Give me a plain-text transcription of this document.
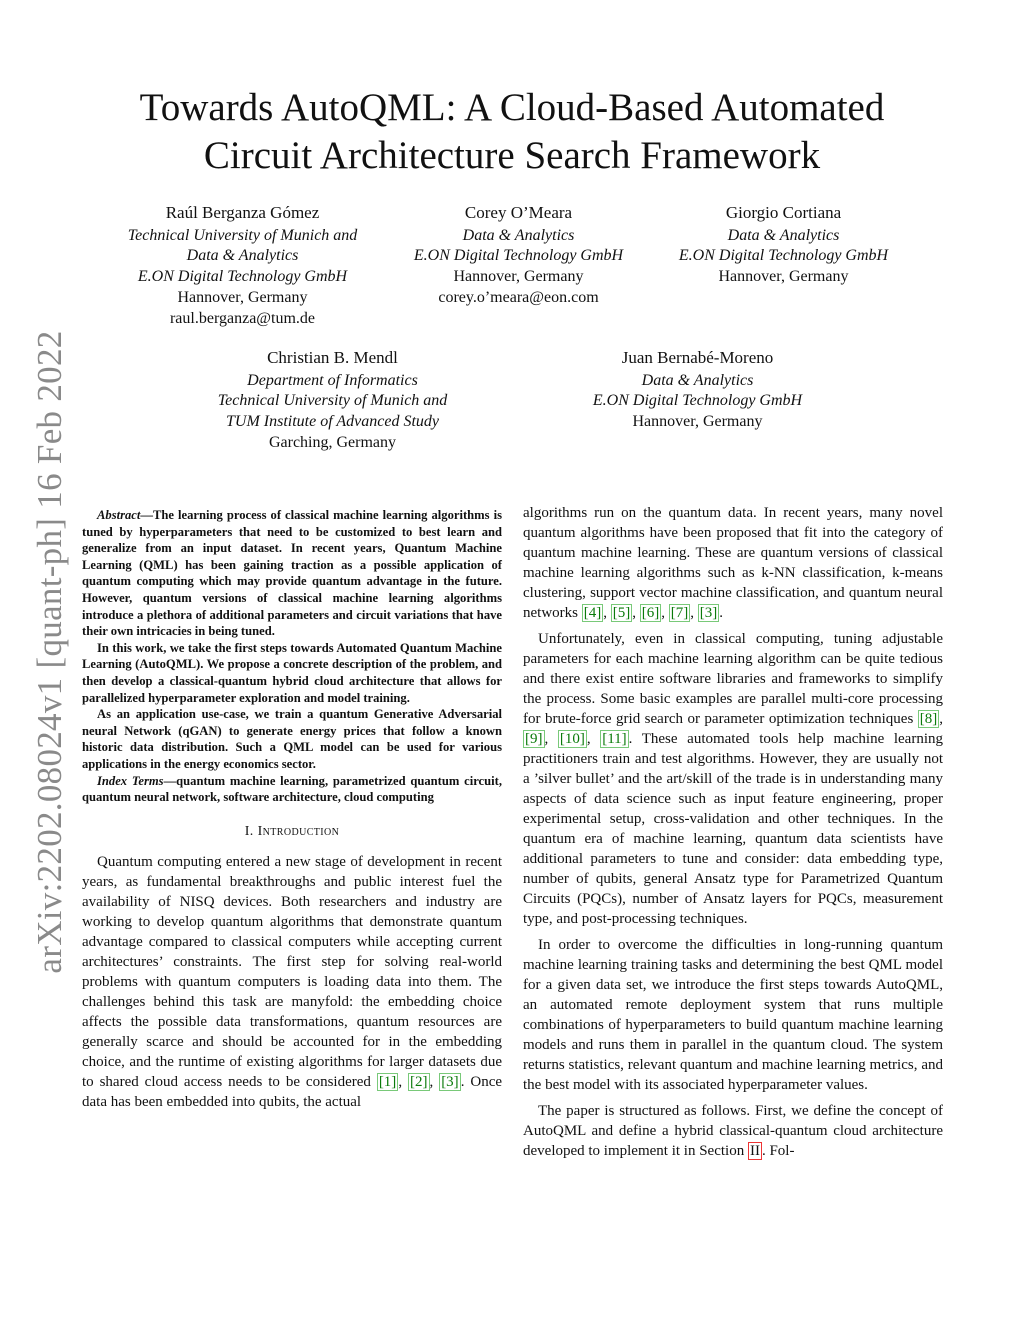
arXiv:2202.08024v1 [quant-ph] 16 Feb 2022
Towards AutoQML: A Cloud-Based Automated
Circuit Architecture Search Framework
Raúl Berganza Gómez
Technical University of Munich and
Data & Analytics
E.ON Digital Technology GmbH
Hannover, Germany
raul.berganza@tum.de
Corey O’Meara
Data & Analytics
E.ON Digital Technology GmbH
Hannover, Germany
corey.o’meara@eon.com
Giorgio Cortiana
Data & Analytics
E.ON Digital Technology GmbH
Hannover, Germany
Christian B. Mendl
Department of Informatics
Technical University of Munich and
TUM Institute of Advanced Study
Garching, Germany
Juan Bernabé-Moreno
Data & Analytics
E.ON Digital Technology GmbH
Hannover, Germany

Abstract—The learning process of classical machine learning algorithms is tuned by hyperparameters that need to be customized to best learn and generalize from an input dataset. In recent years, Quantum Machine Learning (QML) has been gaining traction as a possible application of quantum computing which may provide quantum advantage in the future. However, quantum versions of classical machine learning algorithms introduce a plethora of additional parameters and circuit variations that have their own intricacies in being tuned.

In this work, we take the first steps towards Automated Quantum Machine Learning (AutoQML). We propose a concrete description of the problem, and then develop a classical-quantum hybrid cloud architecture that allows for parallelized hyperparameter exploration and model training.

As an application use-case, we train a quantum Generative Adversarial neural Network (qGAN) to generate energy prices that follow a known historic data distribution. Such a QML model can be used for various applications in the energy economics sector.

Index Terms—quantum machine learning, parametrized quantum circuit, quantum neural network, software architecture, cloud computing

I. Introduction

Quantum computing entered a new stage of development in recent years, as fundamental breakthroughs and public interest fuel the availability of NISQ devices. Both researchers and industry are working to develop quantum algorithms that demonstrate quantum advantage compared to classical computers while accepting current architectures’ constraints. The first step for solving real-world problems with quantum computers is loading data into them. The challenges behind this task are manyfold: the embedding choice affects the possible data transformations, quantum resources are generally scarce and should be accounted for in the embedding choice, and the runtime of existing algorithms for larger datasets due to shared cloud access needs to be considered [1] , [2] , [3] . Once data has been embedded into qubits, the actual

algorithms run on the quantum data. In recent years, many novel quantum algorithms have been proposed that fit into the category of quantum machine learning. These are quantum versions of classical machine learning algorithms such as k-NN classification, k-means clustering, support vector machine classification, and quantum neural networks [4] , [5] , [6] , [7] , [3] .

Unfortunately, even in classical computing, tuning adjustable parameters for each machine learning algorithm can be quite tedious and there exist entire software libraries and frameworks to simplify the process. Some basic examples are parallel multi-core processing for brute-force grid search or parameter optimization techniques [8] , [9] , [10] , [11] . These automated tools help machine learning practitioners train and test algorithms. However, they are usually not a ’silver bullet’ and the art/skill of the trade is in understanding many aspects of data science such as input feature engineering, proper experimental setup, cross-validation and other techniques. In the quantum era of machine learning, quantum data scientists have additional parameters to tune and consider: data embedding type, number of qubits, general Ansatz type for Parametrized Quantum Circuits (PQCs), number of Ansatz layers for PQCs, measurement type, and post-processing techniques.

In order to overcome the difficulties in long-running quantum machine learning training tasks and determining the best QML model for a given data set, we introduce the first steps towards AutoQML, an automated remote deployment system that runs multiple combinations of hyperparameters to build quantum machine learning models and runs them in parallel in the quantum cloud. The system returns statistics, relevant quantum and machine learning metrics, and the best model with its associated hyperparameter values.

The paper is structured as follows. First, we define the concept of AutoQML and define a hybrid classical-quantum cloud architecture developed to implement it in Section II . Fol-
